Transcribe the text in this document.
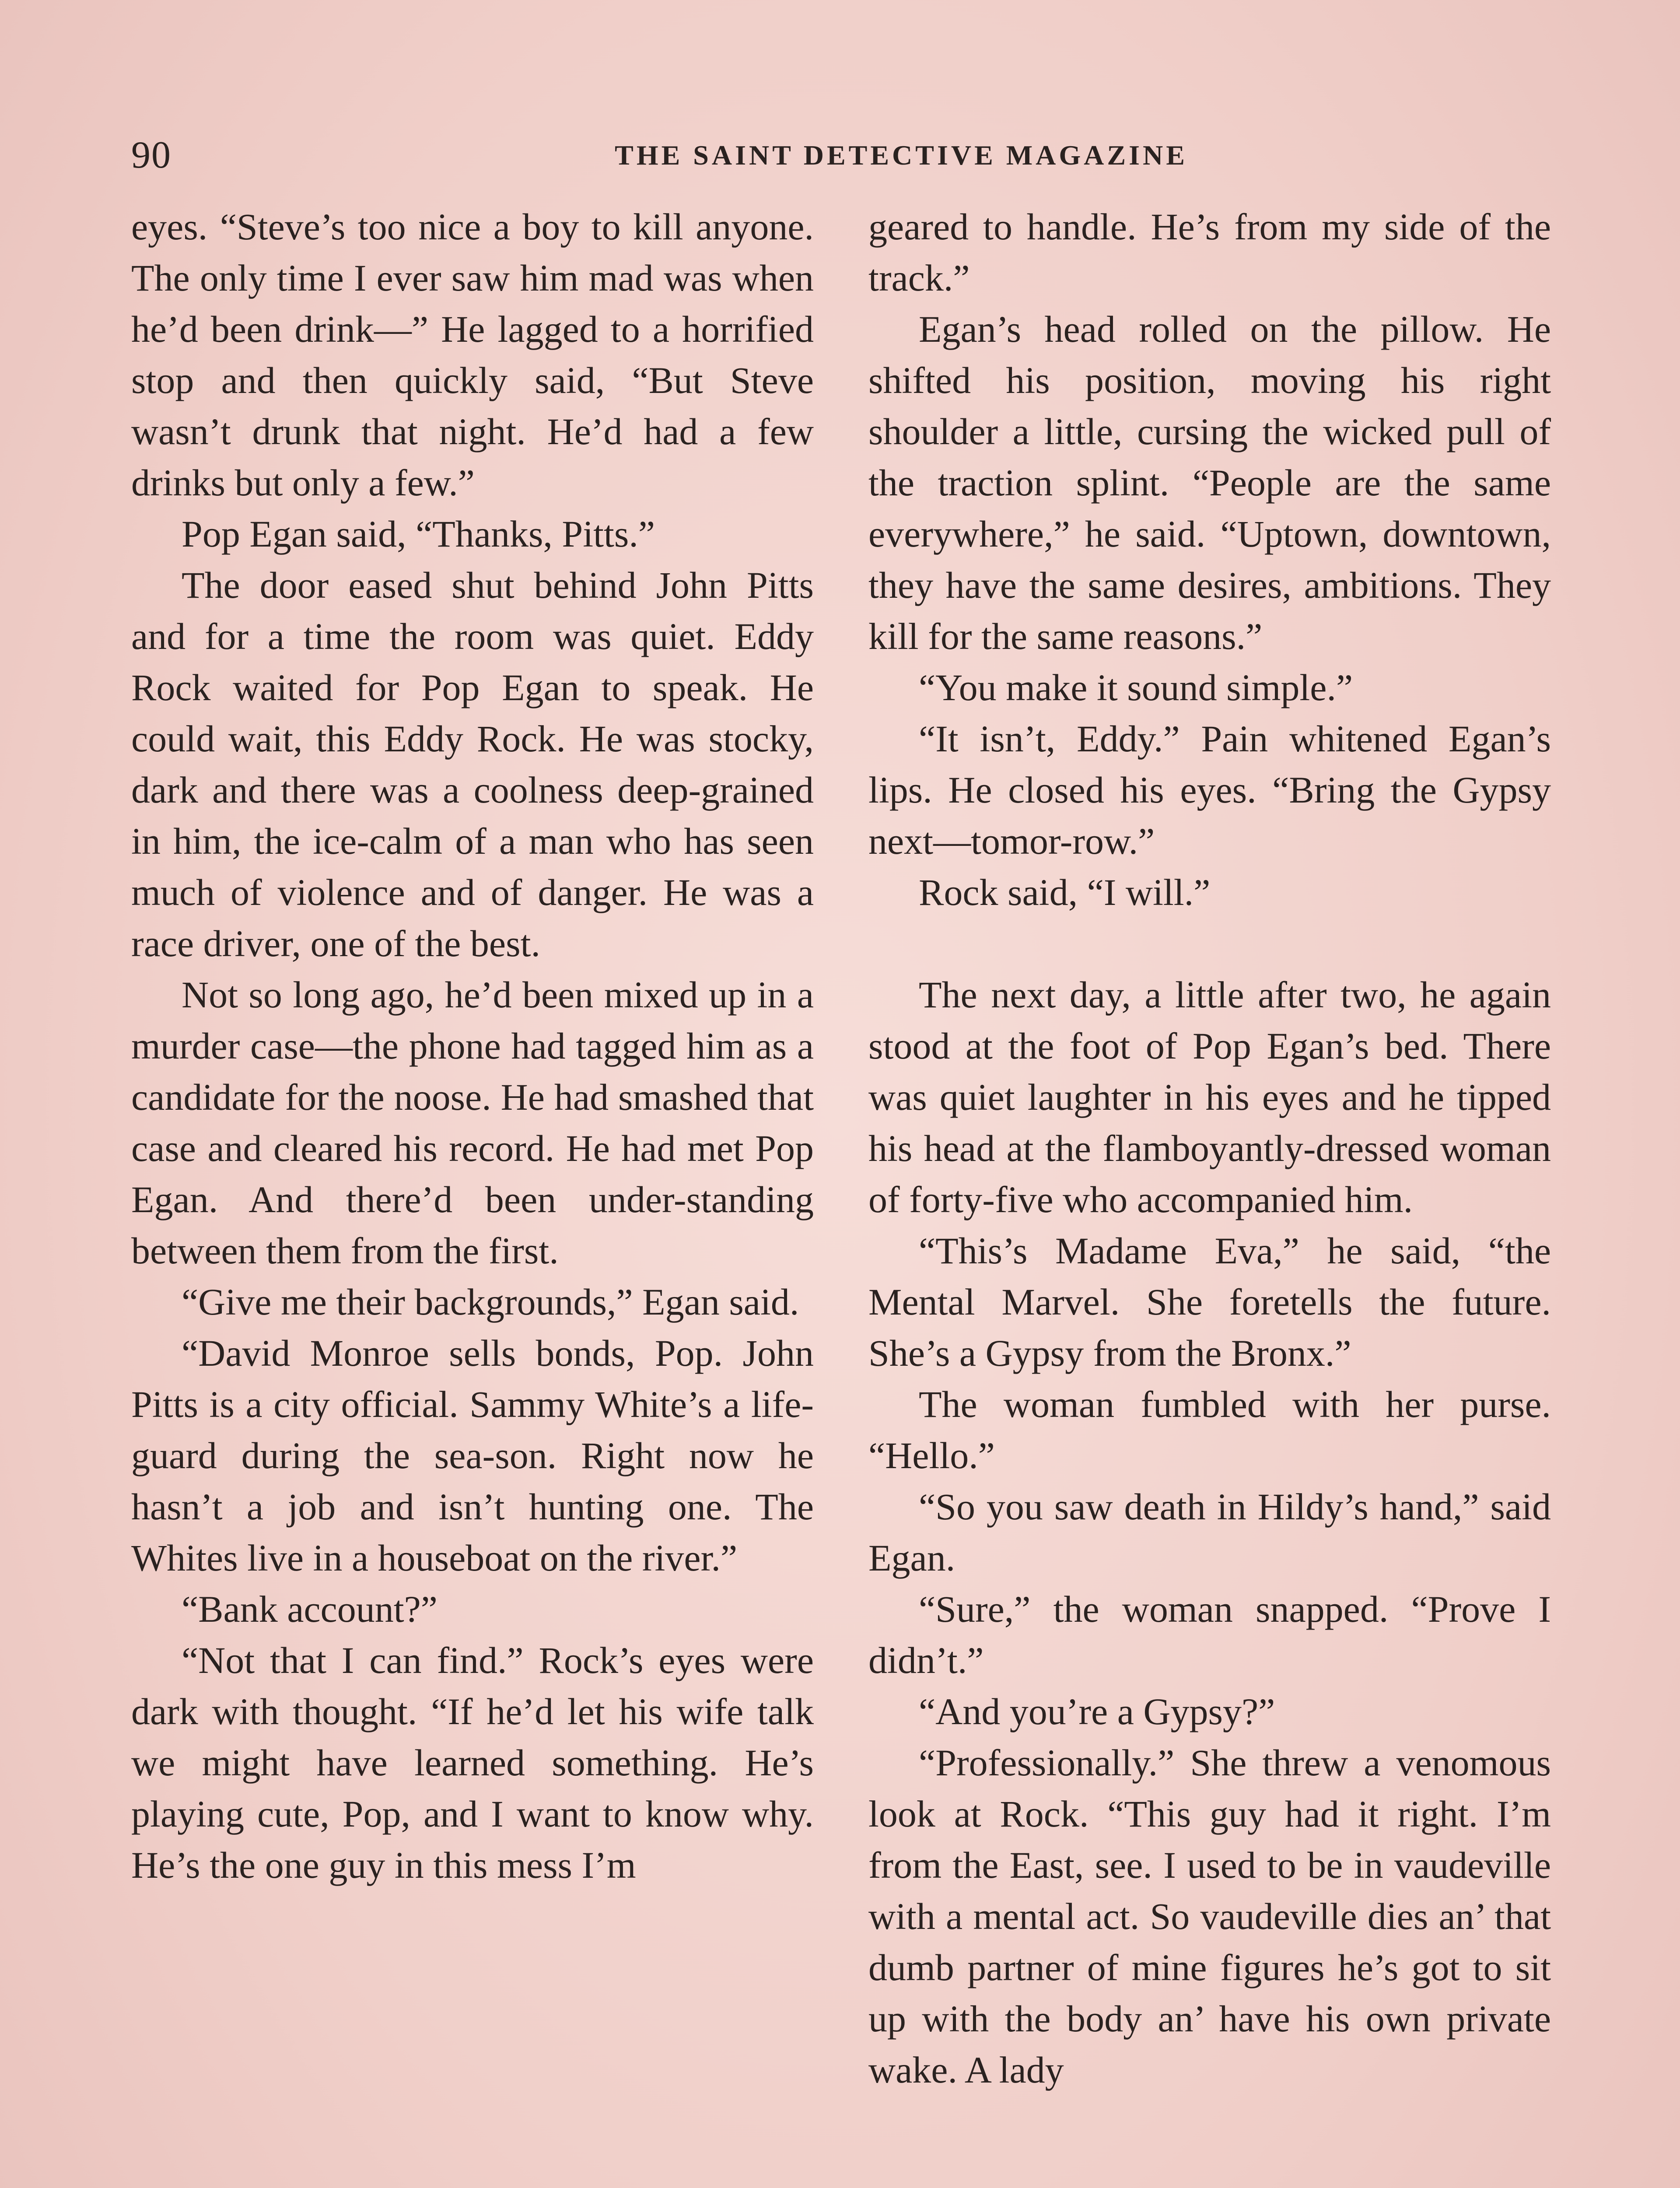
90	THE SAINT DETECTIVE MAGAZINE

eyes. “Steve’s too nice a boy to kill anyone. The only time I ever saw him mad was when he’d been drink—” He lagged to a horrified stop and then quickly said, “But Steve wasn’t drunk that night. He’d had a few drinks but only a few.”

Pop Egan said, “Thanks, Pitts.”

The door eased shut behind John Pitts and for a time the room was quiet. Eddy Rock waited for Pop Egan to speak. He could wait, this Eddy Rock. He was stocky, dark and there was a coolness deep-grained in him, the ice-calm of a man who has seen much of violence and of danger. He was a race driver, one of the best.

Not so long ago, he’d been mixed up in a murder case—the phone had tagged him as a candidate for the noose. He had smashed that case and cleared his record. He had met Pop Egan. And there’d been under-standing between them from the first.

“Give me their backgrounds,” Egan said.

“David Monroe sells bonds, Pop. John Pitts is a city official. Sammy White’s a life-guard during the sea-son. Right now he hasn’t a job and isn’t hunting one. The Whites live in a houseboat on the river.”

“Bank account?”

“Not that I can find.” Rock’s eyes were dark with thought. “If he’d let his wife talk we might have learned something. He’s playing cute, Pop, and I want to know why. He’s the one guy in this mess I’m

geared to handle. He’s from my side of the track.”

Egan’s head rolled on the pillow. He shifted his position, moving his right shoulder a little, cursing the wicked pull of the traction splint. “People are the same everywhere,” he said. “Uptown, downtown, they have the same desires, ambitions. They kill for the same reasons.”

“You make it sound simple.”

“It isn’t, Eddy.” Pain whitened Egan’s lips. He closed his eyes. “Bring the Gypsy next—tomor-row.”

Rock said, “I will.”

The next day, a little after two, he again stood at the foot of Pop Egan’s bed. There was quiet laughter in his eyes and he tipped his head at the flamboyantly-dressed woman of forty-five who accompanied him.

“This’s Madame Eva,” he said, “the Mental Marvel. She foretells the future. She’s a Gypsy from the Bronx.”

The woman fumbled with her purse. “Hello.”

“So you saw death in Hildy’s hand,” said Egan.

“Sure,” the woman snapped. “Prove I didn’t.”

“And you’re a Gypsy?”

“Professionally.” She threw a venomous look at Rock. “This guy had it right. I’m from the East, see. I used to be in vaudeville with a mental act. So vaudeville dies an’ that dumb partner of mine figures he’s got to sit up with the body an’ have his own private wake. A lady
